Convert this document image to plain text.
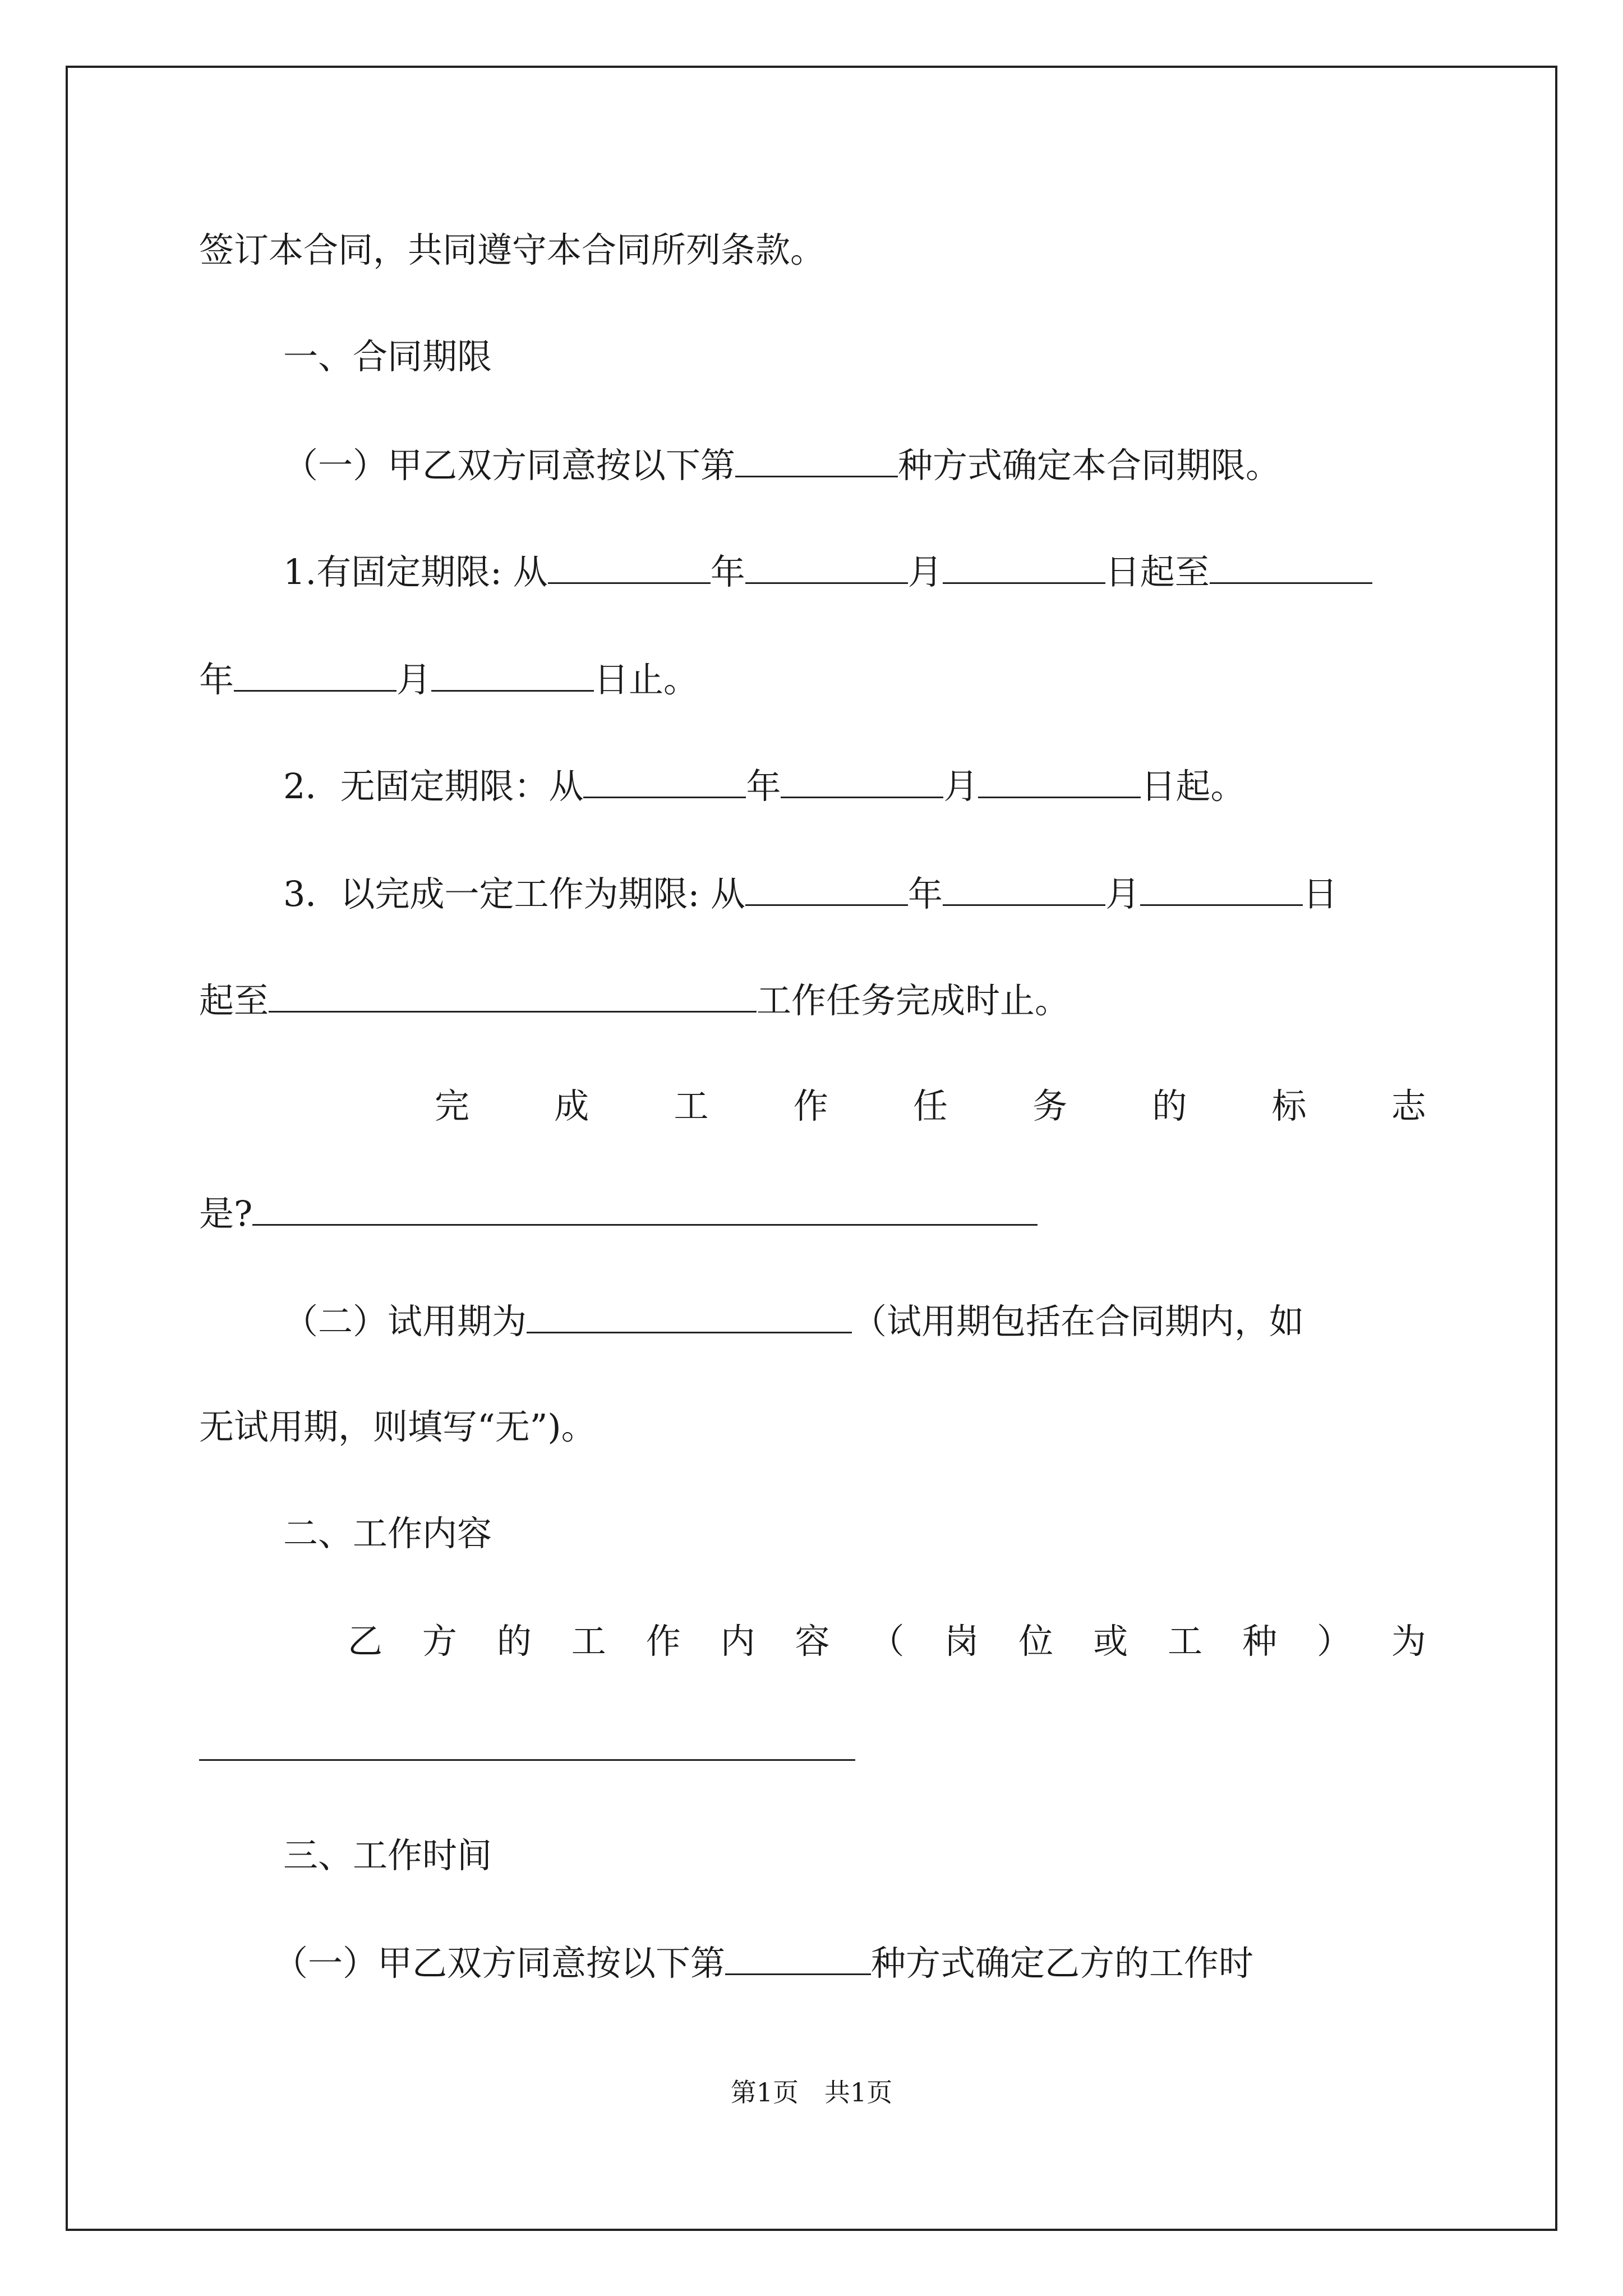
签订本合同，共同遵守本合同所列条款。
一、合同期限
（一）甲乙双方同意按以下第	种方式确定本合同期限。
1.有固定期限: 从	年	月	日起至
年	月	日止。
2．无固定期限：从	年	月	日起。
3．以完成一定工作为期限: 从	年	月	日
起至	工作任务完成时止。
完 成 工 作 任 务 的 标 志
是?
（二）试用期为	（试用期包括在合同期内，如
无试用期，则填写“无”)。
二、工作内容
乙 方 的 工 作 内 容 （ 岗 位 或 工 种 ） 为
三、工作时间
（一）甲乙双方同意按以下第	种方式确定乙方的工作时
第1页　共1页
